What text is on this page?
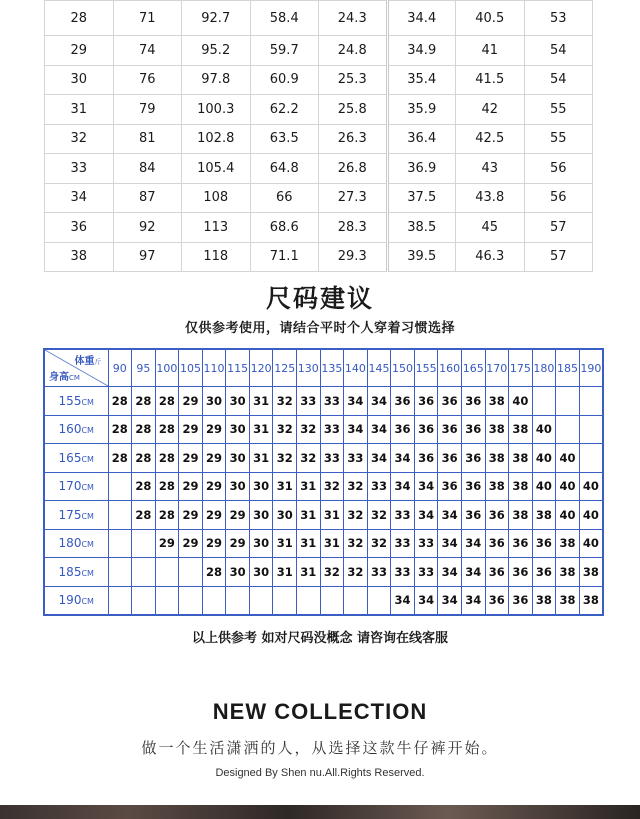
28	71	92.7	58.4	24.3	34.4	40.5	53
29	74	95.2	59.7	24.8	34.9	41	54
30	76	97.8	60.9	25.3	35.4	41.5	54
31	79	100.3	62.2	25.8	35.9	42	55
32	81	102.8	63.5	26.3	36.4	42.5	55
33	84	105.4	64.8	26.8	36.9	43	56
34	87	108	66	27.3	37.5	43.8	56
36	92	113	68.6	28.3	38.5	45	57
38	97	118	71.1	29.3	39.5	46.3	57
尺码建议
仅供参考使用，请结合平时个人穿着习惯选择
体重斤
身高CM	90	95	100	105	110	115	120	125	130	135	140	145	150	155	160	165	170	175	180	185	190
155CM	28	28	28	29	30	30	31	32	33	33	34	34	36	36	36	36	38	40			
160CM	28	28	28	29	29	30	31	32	32	33	34	34	36	36	36	36	38	38	40		
165CM	28	28	28	29	29	30	31	32	32	33	33	34	34	36	36	36	38	38	40	40	
170CM		28	28	29	29	30	30	31	31	32	32	33	34	34	36	36	38	38	40	40	40
175CM		28	28	29	29	29	30	30	31	31	32	32	33	34	34	36	36	38	38	40	40
180CM			29	29	29	29	30	31	31	31	32	32	33	33	34	34	36	36	36	38	40
185CM					28	30	30	31	31	32	32	33	33	33	34	34	36	36	36	38	38
190CM													34	34	34	34	36	36	38	38	38
以上供参考 如对尺码没概念 请咨询在线客服
NEW COLLECTION
做一个生活潇洒的人，从选择这款牛仔裤开始。
Designed By Shen nu.All.Rights Reserved.
